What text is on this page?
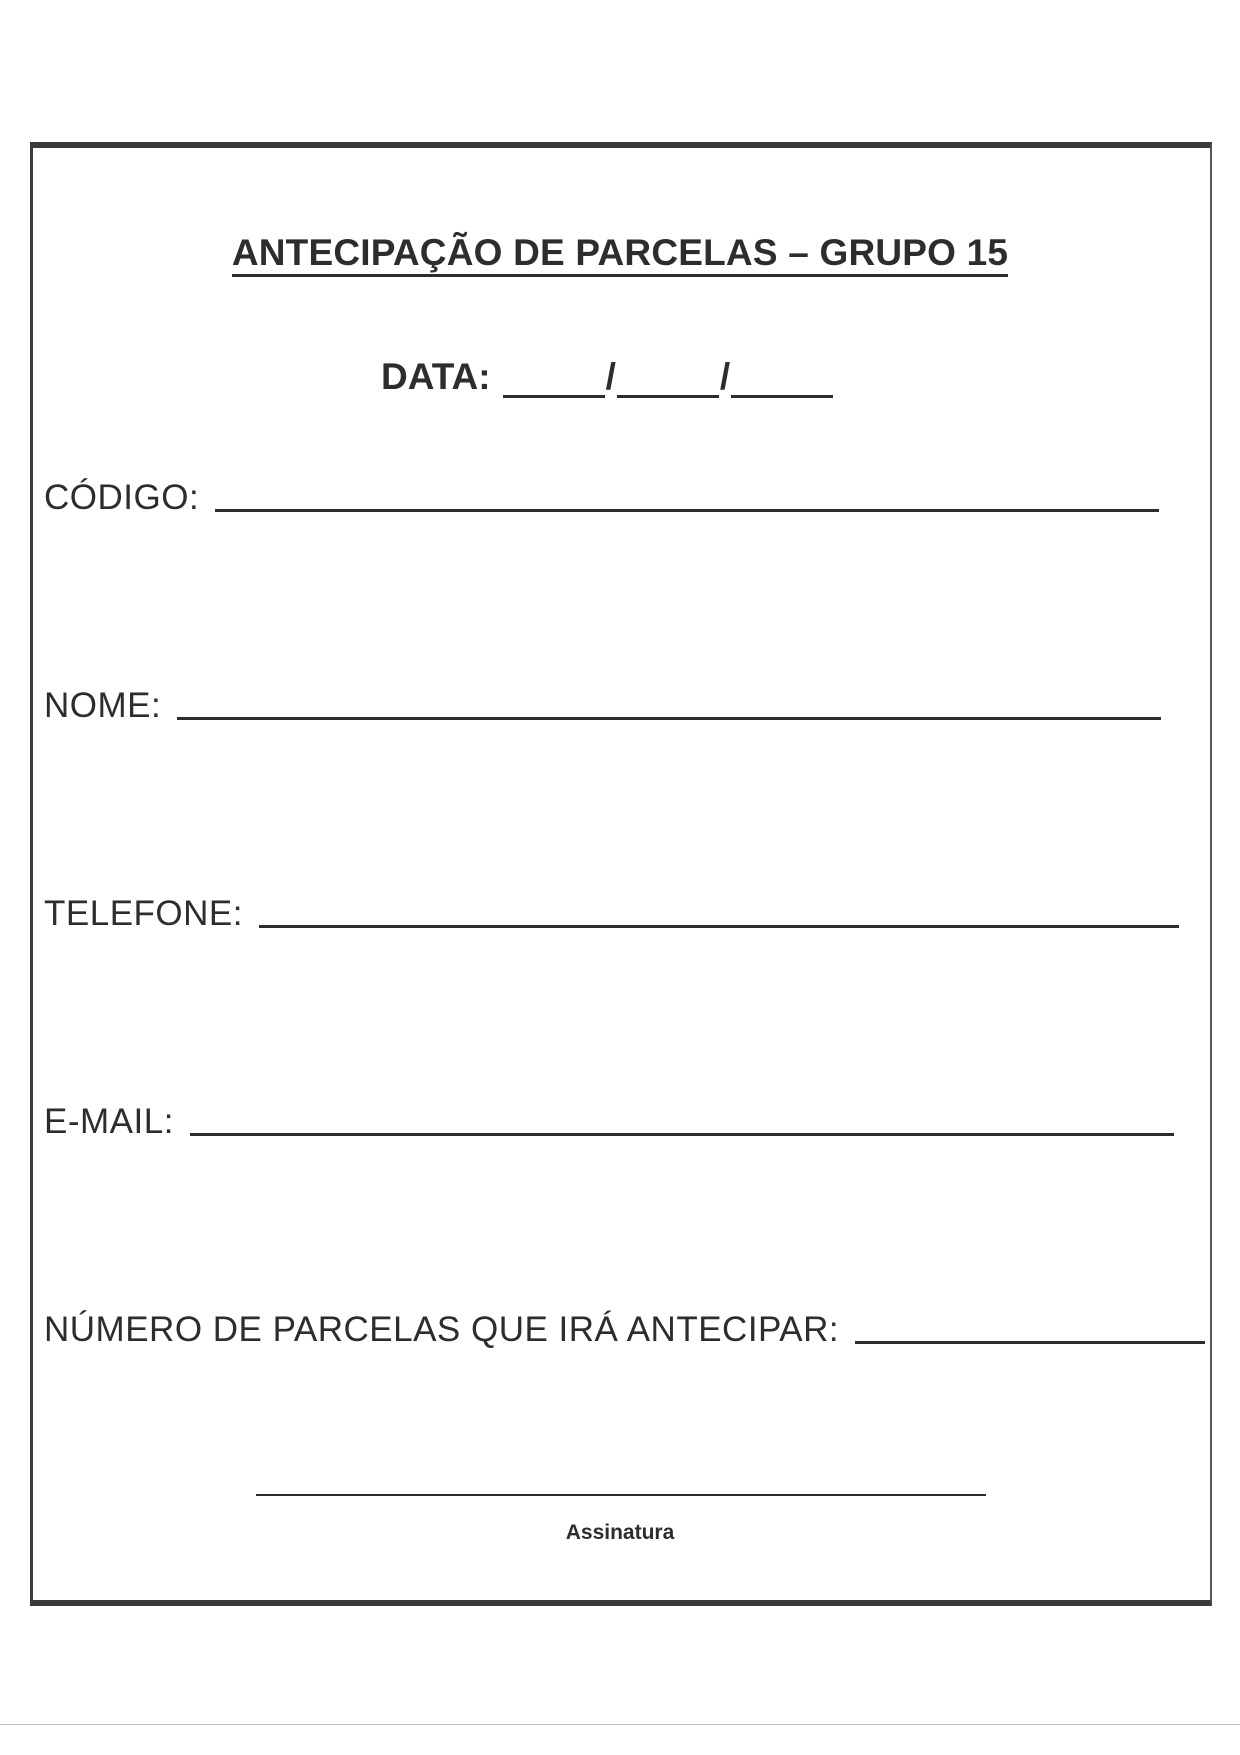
ANTECIPAÇÃO DE PARCELAS – GRUPO 15
DATA:	/	/
CÓDIGO:
NOME:
TELEFONE:
E-MAIL:
NÚMERO DE PARCELAS QUE IRÁ ANTECIPAR:
Assinatura
